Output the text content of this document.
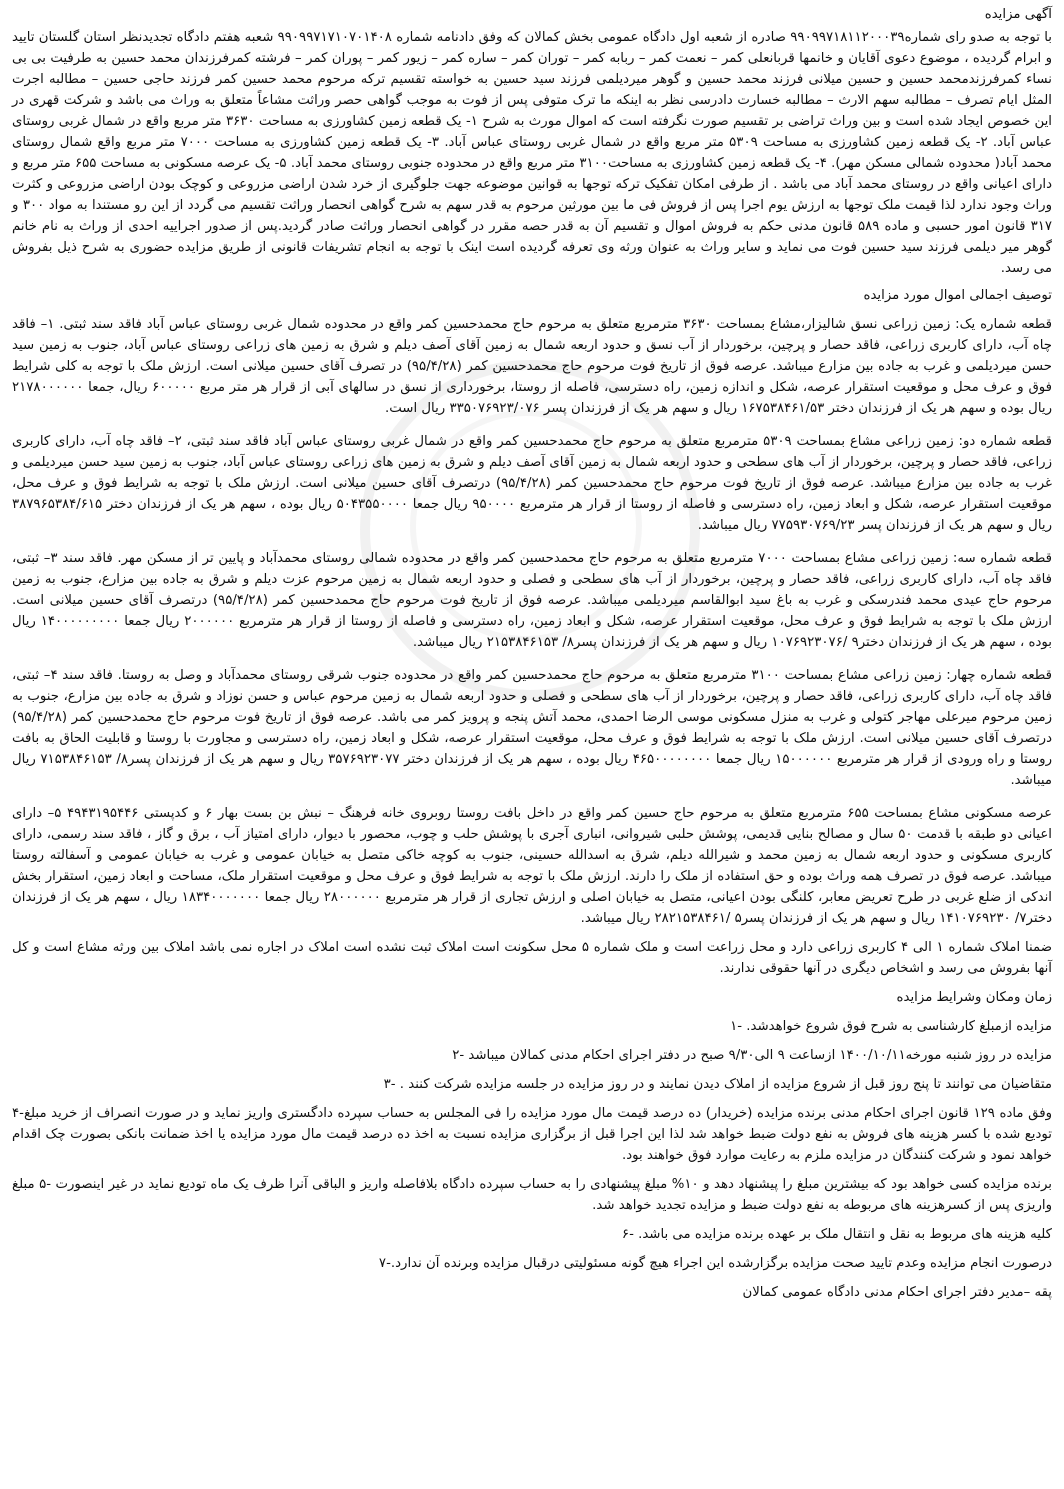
آگهی مزایده

با توجه به صدو رای شماره۹۹۰۹۹۷۱۸۱۱۲۰۰۰۳۹ صادره از شعبه اول دادگاه عمومی بخش کمالان که وفق دادنامه شماره ۹۹۰۹۹۷۱۷۱۰۷۰۱۴۰۸ شعبه هفتم دادگاه تجدیدنظر استان گلستان تایید و ابرام گردیده ، موضوع دعوی آقایان و خانمها قربانعلی کمر – نعمت کمر – ربابه کمر – توران کمر – ساره کمر – زیور کمر – پوران کمر – فرشته کمرفرزندان محمد حسین به طرفیت بی بی نساء کمرفرزندمحمد حسین و حسین میلانی فرزند محمد حسین و گوهر میردیلمی فرزند سید حسین به خواسته تقسیم ترکه مرحوم محمد حسین کمر فرزند حاجی حسین – مطالبه اجرت المثل ایام تصرف – مطالبه سهم الارث – مطالبه خسارت دادرسی نظر به اینکه ما ترک متوفی پس از فوت به موجب گواهی حصر وراثت مشاعاً متعلق به وراث می باشد و شرکت قهری در این خصوص ایجاد شده است و بین وراث تراضی بر تقسیم صورت نگرفته است که اموال مورث به شرح ۱- یک قطعه زمین کشاورزی به مساحت ۳۶۳۰ متر مربع واقع در شمال غربی روستای عباس آباد. ۲- یک قطعه زمین کشاورزی به مساحت ۵۳۰۹ متر مربع واقع در شمال غربی روستای عباس آباد. ۳- یک قطعه زمین کشاورزی به مساحت ۷۰۰۰ متر مربع واقع شمال روستای محمد آباد( محدوده شمالی مسکن مهر). ۴- یک قطعه زمین کشاورزی به مساحت۳۱۰۰ متر مربع واقع در محدوده جنوبی روستای محمد آباد. ۵- یک عرصه مسکونی به مساحت ۶۵۵ متر مربع و دارای اعیانی واقع در روستای محمد آباد می باشد . از طرفی امکان تفکیک ترکه توجها به قوانین موضوعه جهت جلوگیری از خرد شدن اراضی مزروعی و کوچک بودن اراضی مزروعی و کثرت وراث وجود ندارد لذا قیمت ملک توجها به ارزش یوم اجرا پس از فروش فی ما بین مورثین مرحوم به قدر سهم به شرح گواهی انحصار وراثت تقسیم می گردد از این رو مستندا به مواد ۳۰۰ و ۳۱۷ قانون امور حسبی و ماده ۵۸۹ قانون مدنی حکم به فروش اموال و تقسیم آن به قدر حصه مقرر در گواهی انحصار وراثت صادر گردید.پس از صدور اجراییه احدی از وراث به نام خانم گوهر میر دیلمی فرزند سید حسین فوت می نماید و سایر وراث به عنوان ورثه وی تعرفه گردیده است اینک با توجه به انجام تشریفات قانونی از طریق مزایده حضوری به شرح ذیل بفروش می رسد.

توصیف اجمالی اموال مورد مزایده

قطعه شماره یک: زمین زراعی نسق شالیزار،مشاع بمساحت ۳۶۳۰ مترمربع متعلق به مرحوم حاج محمدحسین کمر واقع در محدوده شمال غربی روستای عباس آباد فاقد سند ثبتی. ۱– فاقد چاه آب، دارای کاربری زراعی، فاقد حصار و پرچین، برخوردار از آب نسق و حدود اربعه شمال به زمین آقای آصف دیلم و شرق به زمین های زراعی روستای عباس آباد، جنوب به زمین سید حسن میردیلمی و غرب به جاده بین مزارع میباشد. عرصه فوق از تاریخ فوت مرحوم حاج محمدحسین کمر (۹۵/۴/۲۸) در تصرف آقای حسین میلانی است. ارزش ملک با توجه به کلی شرایط فوق و عرف محل و موقعیت استقرار عرصه، شکل و اندازه زمین، راه دسترسی، فاصله از روستا، برخورداری از نسق در سالهای آبی از قرار هر متر مربع ۶۰۰۰۰۰ ریال، جمعا ۲۱۷۸۰۰۰۰۰۰ ریال بوده و سهم هر یک از فرزندان دختر ۱۶۷۵۳۸۴۶۱/۵۳ ریال و سهم هر یک از فرزندان پسر ۳۳۵۰۷۶۹۲۳/۰۷۶ ریال است.

قطعه شماره دو: زمین زراعی مشاع بمساحت ۵۳۰۹ مترمربع متعلق به مرحوم حاج محمدحسین کمر واقع در شمال غربی روستای عباس آباد فاقد سند ثبتی، ۲– فاقد چاه آب، دارای کاربری زراعی، فاقد حصار و پرچین، برخوردار از آب های سطحی و حدود اربعه شمال به زمین آقای آصف دیلم و شرق به زمین های زراعی روستای عباس آباد، جنوب به زمین سید حسن میردیلمی و غرب به جاده بین مزارع میباشد. عرصه فوق از تاریخ فوت مرحوم حاج محمدحسین کمر (۹۵/۴/۲۸) درتصرف آقای حسین میلانی است. ارزش ملک با توجه به شرایط فوق و عرف محل، موقعیت استقرار عرصه، شکل و ابعاد زمین، راه دسترسی و فاصله از روستا از قرار هر مترمربع ۹۵۰۰۰۰ ریال جمعا ۵۰۴۳۵۵۰۰۰۰ ریال بوده ، سهم هر یک از فرزندان دختر ۳۸۷۹۶۵۳۸۴/۶۱۵ ریال و سهم هر یک از فرزندان پسر ۷۷۵۹۳۰۷۶۹/۲۳ ریال میباشد.

قطعه شماره سه: زمین زراعی مشاع بمساحت ۷۰۰۰ مترمربع متعلق به مرحوم حاج محمدحسین کمر واقع در محدوده شمالی روستای محمدآباد و پایین تر از مسکن مهر. فاقد سند ۳– ثبتی، فاقد چاه آب، دارای کاربری زراعی، فاقد حصار و پرچین، برخوردار از آب های سطحی و فصلی و حدود اربعه شمال به زمین مرحوم عزت دیلم و شرق به جاده بین مزارع، جنوب به زمین مرحوم حاج عیدی محمد فندرسکی و غرب به باغ سید ابوالقاسم میردیلمی میباشد. عرصه فوق از تاریخ فوت مرحوم حاج محمدحسین کمر (۹۵/۴/۲۸) درتصرف آقای حسین میلانی است. ارزش ملک با توجه به شرایط فوق و عرف محل، موقعیت استقرار عرصه، شکل و ابعاد زمین، راه دسترسی و فاصله از روستا از قرار هر مترمربع ۲۰۰۰۰۰۰ ریال جمعا ۱۴۰۰۰۰۰۰۰۰۰ ریال بوده ، سهم هر یک از فرزندان دختر۹ /۱۰۷۶۹۲۳۰۷۶ ریال و سهم هر یک از فرزندان پسر۸/ ۲۱۵۳۸۴۶۱۵۳ ریال میباشد.

قطعه شماره چهار: زمین زراعی مشاع بمساحت ۳۱۰۰ مترمربع متعلق به مرحوم حاج محمدحسین کمر واقع در محدوده جنوب شرقی روستای محمدآباد و وصل به روستا. فاقد سند ۴– ثبتی، فاقد چاه آب، دارای کاربری زراعی، فاقد حصار و پرچین، برخوردار از آب های سطحی و فصلی و حدود اربعه شمال به زمین مرحوم عباس و حسن نوزاد و شرق به جاده بین مزارع، جنوب به زمین مرحوم میرعلی مهاجر کتولی و غرب به منزل مسکونی موسی الرضا احمدی، محمد آتش پنجه و پرویز کمر می باشد. عرصه فوق از تاریخ فوت مرحوم حاج محمدحسین کمر (۹۵/۴/۲۸) درتصرف آقای حسین میلانی است. ارزش ملک با توجه به شرایط فوق و عرف محل، موقعیت استقرار عرصه، شکل و ابعاد زمین، راه دسترسی و مجاورت با روستا و قابلیت الحاق به بافت روستا و راه ورودی از قرار هر مترمربع ۱۵۰۰۰۰۰۰ ریال جمعا ۴۶۵۰۰۰۰۰۰۰۰ ریال بوده ، سهم هر یک از فرزندان دختر ۳۵۷۶۹۲۳۰۷۷ ریال و سهم هر یک از فرزندان پسر۸/ ۷۱۵۳۸۴۶۱۵۳ ریال میباشد.

عرصه مسکونی مشاع بمساحت ۶۵۵ مترمربع متعلق به مرحوم حاج حسین کمر واقع در داخل بافت روستا روبروی خانه فرهنگ – نبش بن بست بهار ۶ و کدپستی ۴۹۴۳۱۹۵۴۴۶ ۵– دارای اعیانی دو طبقه با قدمت ۵۰ سال و مصالح بنایی قدیمی، پوشش حلبی شیروانی، انباری آجری با پوشش حلب و چوب، محصور با دیوار، دارای امتیاز آب ، برق و گاز ، فاقد سند رسمی، دارای کاربری مسکونی و حدود اربعه شمال به زمین محمد و شیرالله دیلم، شرق به اسدالله حسینی، جنوب به کوچه خاکی متصل به خیابان عمومی و غرب به خیابان عمومی و آسفالته روستا میباشد. عرصه فوق در تصرف همه وراث بوده و حق استفاده از ملک را دارند. ارزش ملک با توجه به شرایط فوق و عرف محل و موقعیت استقرار ملک، مساحت و ابعاد زمین، استقرار بخش اندکی از ضلع غربی در طرح تعریض معابر، کلنگی بودن اعیانی، متصل به خیابان اصلی و ارزش تجاری از قرار هر مترمربع ۲۸۰۰۰۰۰۰ ریال جمعا ۱۸۳۴۰۰۰۰۰۰۰ ریال ، سهم هر یک از فرزندان دختر۷/ ۱۴۱۰۷۶۹۲۳۰ ریال و سهم هر یک از فرزندان پسر۵ /۲۸۲۱۵۳۸۴۶۱ ریال میباشد.

ضمنا املاک شماره ۱ الی ۴ کاربری زراعی دارد و محل زراعت است و ملک شماره ۵ محل سکونت است املاک ثبت نشده است املاک در اجاره نمی باشد املاک بین ورثه مشاع است و کل آنها بفروش می رسد و اشخاص دیگری در آنها حقوقی ندارند.

زمان ومکان وشرایط مزایده

مزایده ازمبلغ کارشناسی به شرح فوق شروع خواهدشد. -۱

مزایده در روز شنبه مورخه۱۴۰۰/۱۰/۱۱ ازساعت ۹ الی۹/۳۰ صبح در دفتر اجرای احکام مدنی کمالان میباشد -۲

متقاضیان می توانند تا پنج روز قبل از شروع مزایده از املاک دیدن نمایند و در روز مزایده در جلسه مزایده شرکت کنند . -۳

وفق ماده ۱۲۹ قانون اجرای احکام مدنی برنده مزایده (خریدار) ده درصد قیمت مال مورد مزایده را فی المجلس به حساب سپرده دادگستری واریز نماید و در صورت انصراف از خرید مبلغ-۴ تودیع شده با کسر هزینه های فروش به نفع دولت ضبط خواهد شد لذا این اجرا قبل از برگزاری مزایده نسبت به اخذ ده درصد قیمت مال مورد مزایده یا اخذ ضمانت بانکی بصورت چک اقدام خواهد نمود و شرکت کنندگان در مزایده ملزم به رعایت موارد فوق خواهند بود.

برنده مزایده کسی خواهد بود که بیشترین مبلغ را پیشنهاد دهد و ۱۰% مبلغ پیشنهادی را به حساب سپرده دادگاه بلافاصله واریز و الباقی آنرا ظرف یک ماه تودیع نماید در غیر اینصورت -۵ مبلغ واریزی پس از کسرهزینه های مربوطه به نفع دولت ضبط و مزایده تجدید خواهد شد.

کلیه هزینه های مربوط به نقل و انتقال ملک بر عهده برنده مزایده می باشد. -۶

درصورت انجام مزایده وعدم تایید صحت مزایده برگزارشده این اجراء هیچ گونه مسئولیتی درقبال مزایده وبرنده آن ندارد.-۷

پقه –مدیر دفتر اجرای احکام مدنی دادگاه عمومی کمالان
